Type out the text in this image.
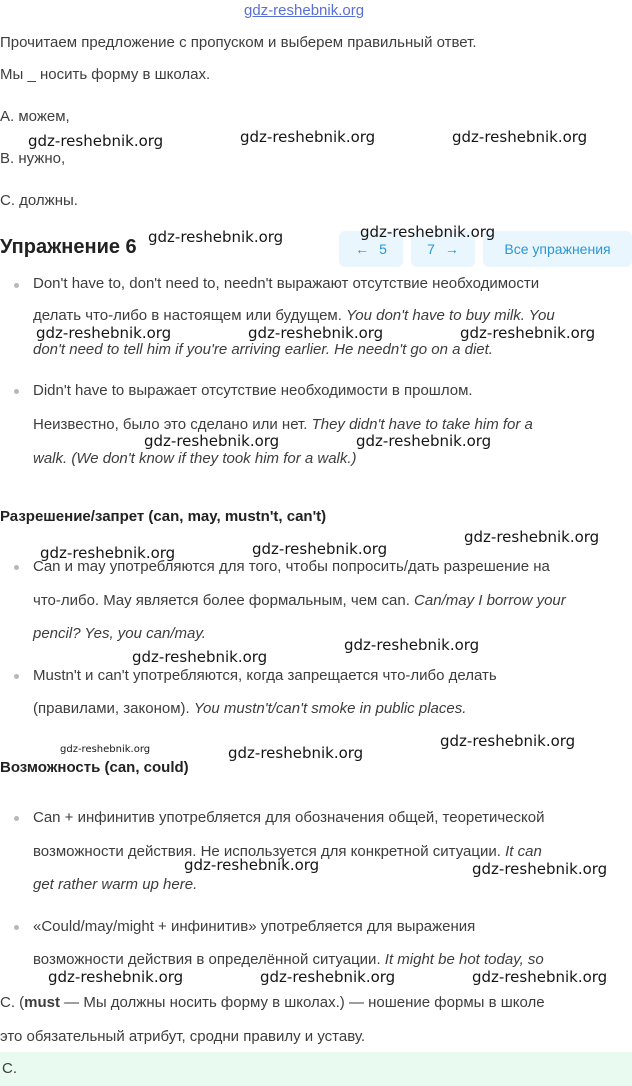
gdz-reshebnik.org
Прочитаем предложение с пропуском и выберем правильный ответ.
Мы _ носить форму в школах.
A. можем,
B. нужно,
C. должны.
Don't have to, don't need to, needn't выражают отсутствие необходимости
делать что-либо в настоящем или будущем. You don't have to buy milk. You
don't need to tell him if you're arriving earlier. He needn't go on a diet.
Упражнение 6	← 5	7 →	Все упражнения
Didn't have to выражает отсутствие необходимости в прошлом.
Неизвестно, было это сделано или нет. They didn't have to take him for a
walk. (We don't know if they took him for a walk.)
Разрешение/запрет (can, may, mustn't, can't)
Can и may употребляются для того, чтобы попросить/дать разрешение на
что-либо. May является более формальным, чем can. Can/may I borrow your
pencil? Yes, you can/may.
Mustn't и can't употребляются, когда запрещается что-либо делать
(правилами, законом). You mustn't/can't smoke in public places.
Возможность (can, could)
Can + инфинитив употребляется для обозначения общей, теоретической
возможности действия. Не используется для конкретной ситуации. It can
get rather warm up here.
«Could/may/might + инфинитив» употребляется для выражения
возможности действия в определённой ситуации. It might be hot today, so
C. (must — Мы должны носить форму в школах.) — ношение формы в школе
это обязательный атрибут, сродни правилу и уставу.
C.
gdz-reshebnik.org	gdz-reshebnik.org	gdz-reshebnik.org
gdz-reshebnik.org	gdz-reshebnik.org
gdz-reshebnik.org	gdz-reshebnik.org	gdz-reshebnik.org
gdz-reshebnik.org	gdz-reshebnik.org
gdz-reshebnik.org
gdz-reshebnik.org	gdz-reshebnik.org
gdz-reshebnik.org
gdz-reshebnik.org
gdz-reshebnik.org
gdz-reshebnik.org	gdz-reshebnik.org
gdz-reshebnik.org	gdz-reshebnik.org
gdz-reshebnik.org	gdz-reshebnik.org	gdz-reshebnik.org
